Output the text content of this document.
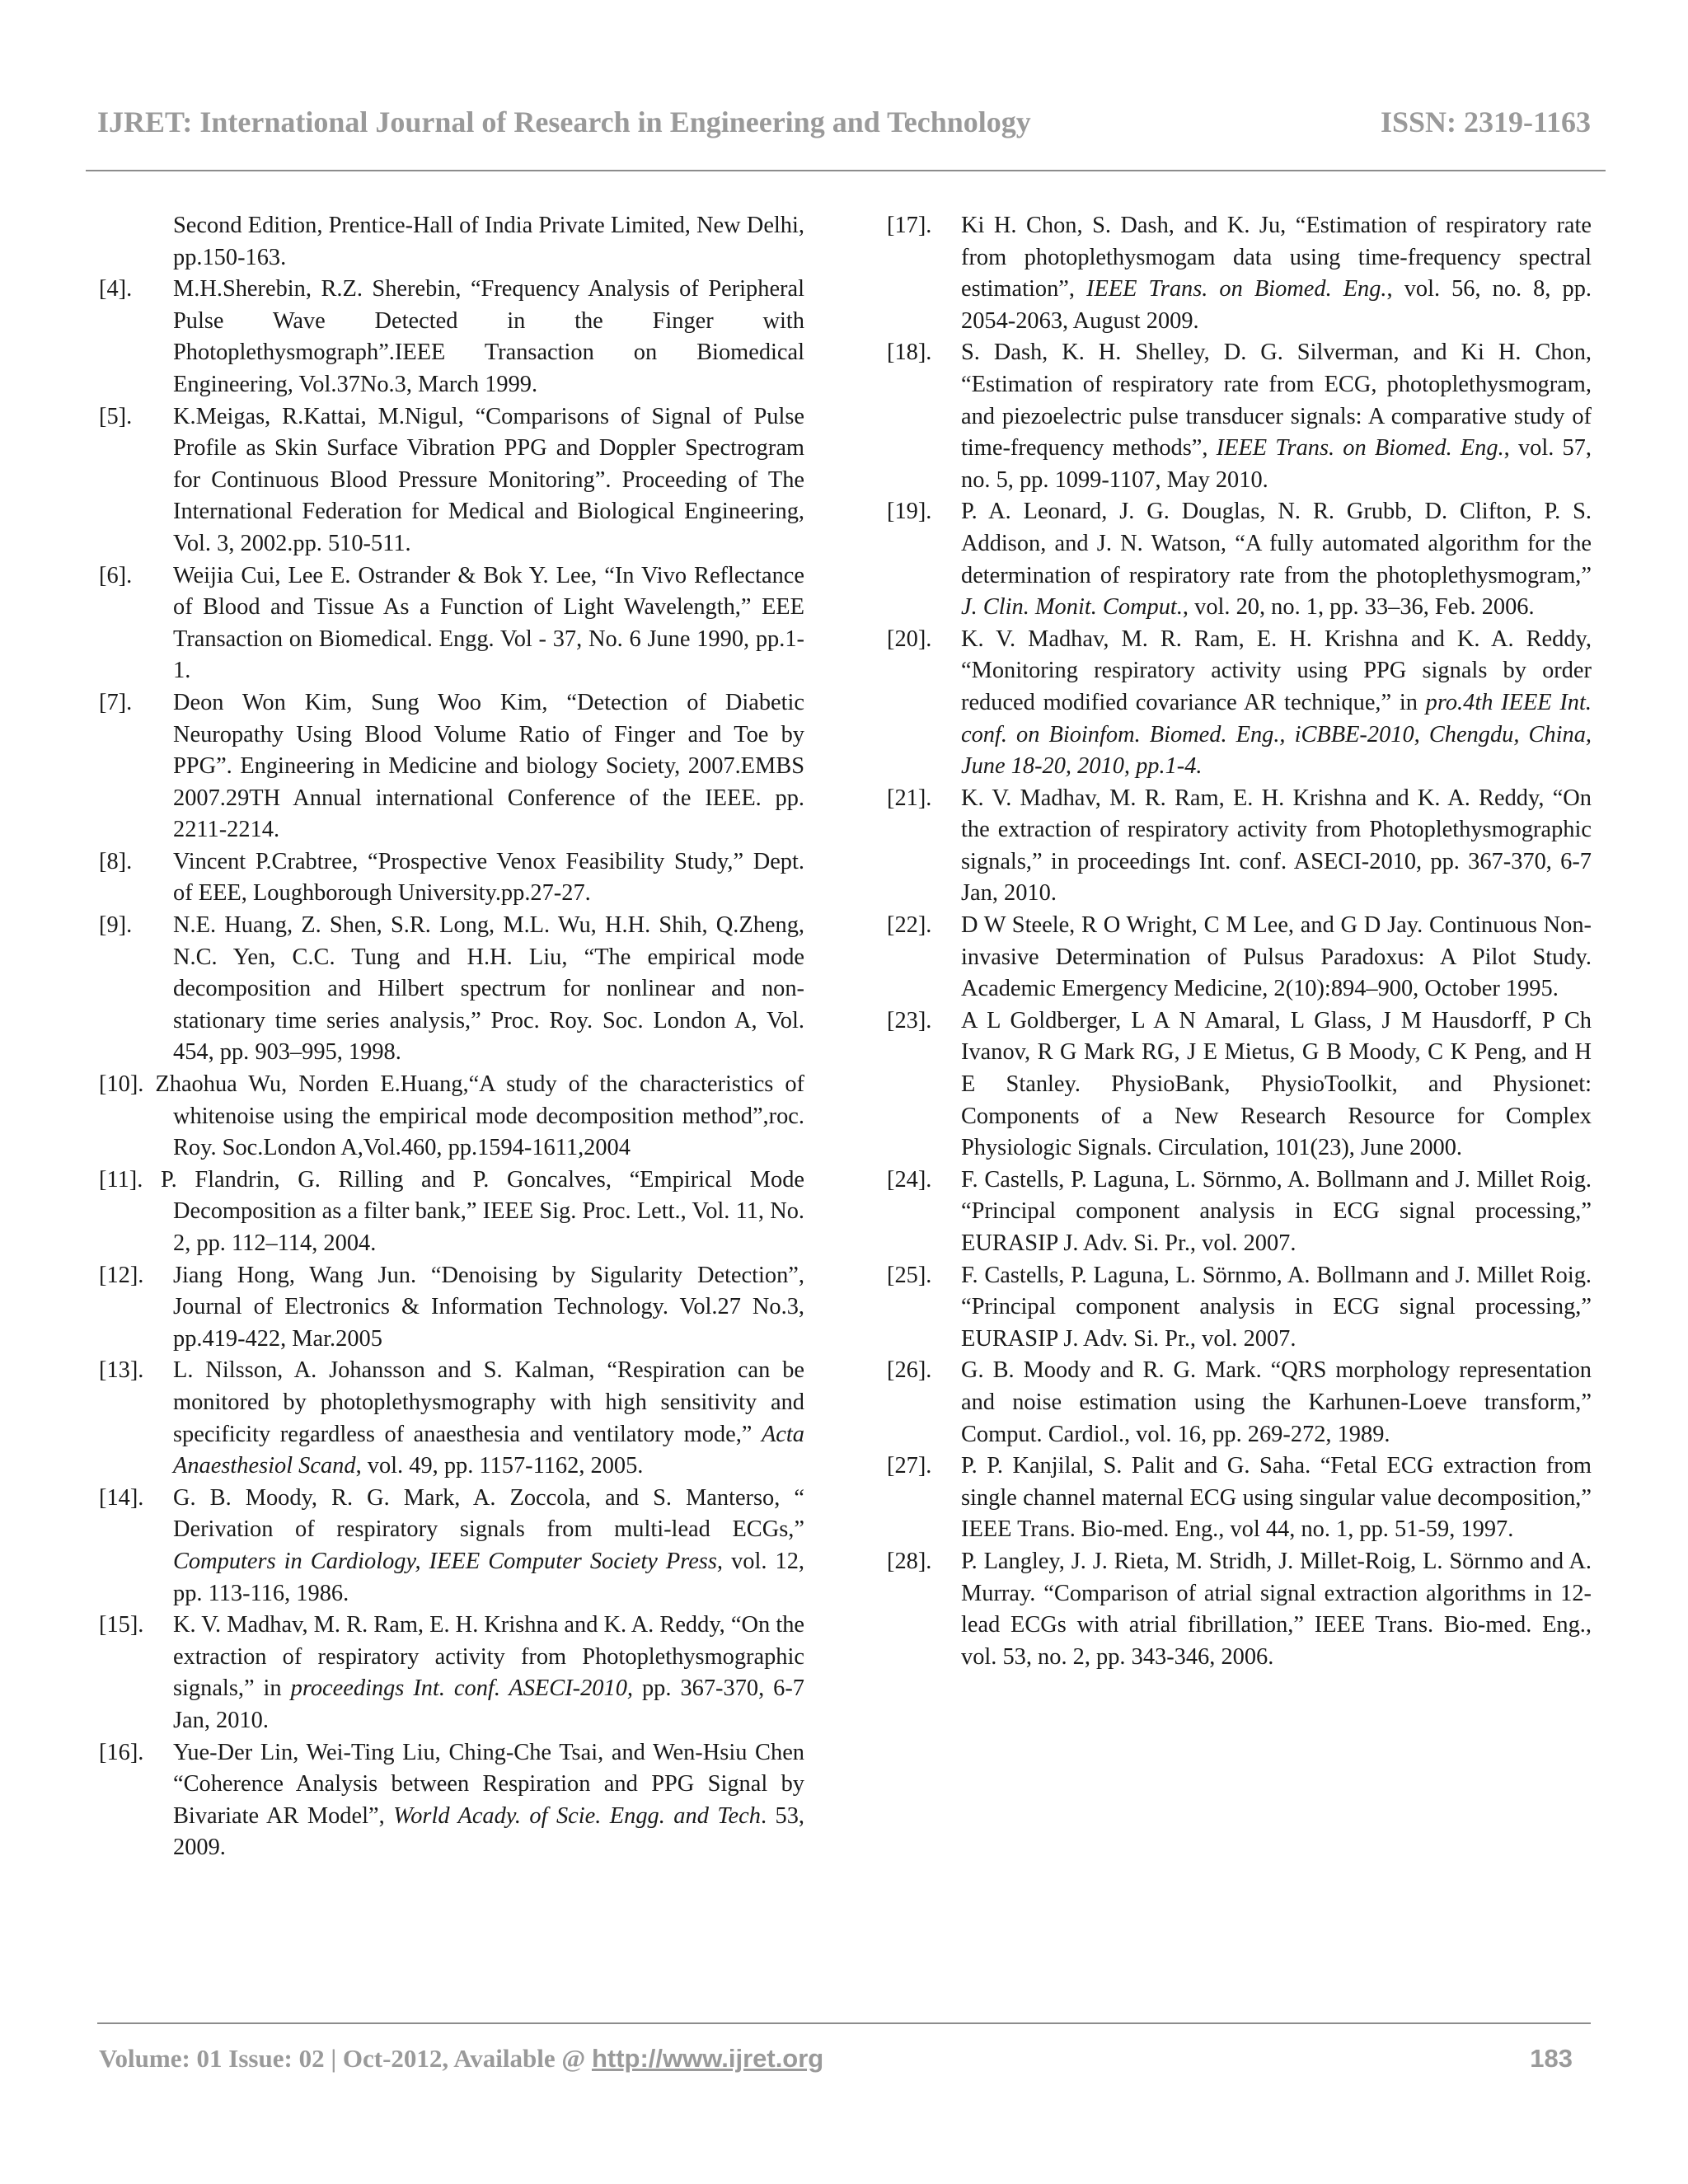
IJRET: International Journal of Research in Engineering and Technology	ISSN: 2319-1163

Second Edition, Prentice-Hall of India Private Limited, New Delhi, pp.150-163.

[4]. M.H.Sherebin, R.Z. Sherebin, “Frequency Analysis of Peripheral Pulse Wave Detected in the Finger with Photoplethysmograph”.IEEE Transaction on Biomedical Engineering, Vol.37No.3, March 1999.

[5]. K.Meigas, R.Kattai, M.Nigul, “Comparisons of Signal of Pulse Profile as Skin Surface Vibration PPG and Doppler Spectrogram for Continuous Blood Pressure Monitoring”. Proceeding of The International Federation for Medical and Biological Engineering, Vol. 3, 2002.pp. 510-511.

[6]. Weijia Cui, Lee E. Ostrander & Bok Y. Lee, “In Vivo Reflectance of Blood and Tissue As a Function of Light Wavelength,” EEE Transaction on Biomedical. Engg. Vol - 37, No. 6 June 1990, pp.1-1.

[7]. Deon Won Kim, Sung Woo Kim, “Detection of Diabetic Neuropathy Using Blood Volume Ratio of Finger and Toe by PPG”. Engineering in Medicine and biology Society, 2007.EMBS 2007.29TH Annual international Conference of the IEEE. pp. 2211-2214.

[8]. Vincent P.Crabtree, “Prospective Venox Feasibility Study,” Dept. of EEE, Loughborough University.pp.27-27.

[9]. N.E. Huang, Z. Shen, S.R. Long, M.L. Wu, H.H. Shih, Q.Zheng, N.C. Yen, C.C. Tung and H.H. Liu, “The empirical mode decomposition and Hilbert spectrum for nonlinear and non-stationary time series analysis,” Proc. Roy. Soc. London A, Vol. 454, pp. 903–995, 1998.

[10]. Zhaohua Wu, Norden E.Huang,“A study of the characteristics of whitenoise using the empirical mode decomposition method”,roc. Roy. Soc.London A,Vol.460, pp.1594-1611,2004

[11]. P. Flandrin, G. Rilling and P. Goncalves, “Empirical Mode Decomposition as a filter bank,” IEEE Sig. Proc. Lett., Vol. 11, No. 2, pp. 112–114, 2004.

[12]. Jiang Hong, Wang Jun. “Denoising by Sigularity Detection”, Journal of Electronics & Information Technology. Vol.27 No.3, pp.419-422, Mar.2005

[13]. L. Nilsson, A. Johansson and S. Kalman, “Respiration can be monitored by photoplethysmography with high sensitivity and specificity regardless of anaesthesia and ventilatory mode,” Acta Anaesthesiol Scand, vol. 49, pp. 1157-1162, 2005.

[14]. G. B. Moody, R. G. Mark, A. Zoccola, and S. Manterso, “ Derivation of respiratory signals from multi-lead ECGs,” Computers in Cardiology, IEEE Computer Society Press, vol. 12, pp. 113-116, 1986.

[15]. K. V. Madhav, M. R. Ram, E. H. Krishna and K. A. Reddy, “On the extraction of respiratory activity from Photoplethysmographic signals,” in proceedings Int. conf. ASECI-2010, pp. 367-370, 6-7 Jan, 2010.

[16]. Yue-Der Lin, Wei-Ting Liu, Ching-Che Tsai, and Wen-Hsiu Chen “Coherence Analysis between Respiration and PPG Signal by Bivariate AR Model”, World Acady. of Scie. Engg. and Tech. 53, 2009.

[17]. Ki H. Chon, S. Dash, and K. Ju, “Estimation of respiratory rate from photoplethysmogam data using time-frequency spectral estimation”, IEEE Trans. on Biomed. Eng., vol. 56, no. 8, pp. 2054-2063, August 2009.

[18]. S. Dash, K. H. Shelley, D. G. Silverman, and Ki H. Chon, “Estimation of respiratory rate from ECG, photoplethysmogram, and piezoelectric pulse transducer signals: A comparative study of time-frequency methods”, IEEE Trans. on Biomed. Eng., vol. 57, no. 5, pp. 1099-1107, May 2010.

[19]. P. A. Leonard, J. G. Douglas, N. R. Grubb, D. Clifton, P. S. Addison, and J. N. Watson, “A fully automated algorithm for the determination of respiratory rate from the photoplethysmogram,” J. Clin. Monit. Comput., vol. 20, no. 1, pp. 33–36, Feb. 2006.

[20]. K. V. Madhav, M. R. Ram, E. H. Krishna and K. A. Reddy, “Monitoring respiratory activity using PPG signals by order reduced modified covariance AR technique,” in pro.4th IEEE Int. conf. on Bioinfom. Biomed. Eng., iCBBE-2010, Chengdu, China, June 18-20, 2010, pp.1-4.

[21]. K. V. Madhav, M. R. Ram, E. H. Krishna and K. A. Reddy, “On the extraction of respiratory activity from Photoplethysmographic signals,” in proceedings Int. conf. ASECI-2010, pp. 367-370, 6-7 Jan, 2010.

[22]. D W Steele, R O Wright, C M Lee, and G D Jay. Continuous Non-invasive Determination of Pulsus Paradoxus: A Pilot Study. Academic Emergency Medicine, 2(10):894–900, October 1995.

[23]. A L Goldberger, L A N Amaral, L Glass, J M Hausdorff, P Ch Ivanov, R G Mark RG, J E Mietus, G B Moody, C K Peng, and H E Stanley. PhysioBank, PhysioToolkit, and Physionet: Components of a New Research Resource for Complex Physiologic Signals. Circulation, 101(23), June 2000.

[24]. F. Castells, P. Laguna, L. Sörnmo, A. Bollmann and J. Millet Roig. “Principal component analysis in ECG signal processing,” EURASIP J. Adv. Si. Pr., vol. 2007.

[25]. F. Castells, P. Laguna, L. Sörnmo, A. Bollmann and J. Millet Roig. “Principal component analysis in ECG signal processing,” EURASIP J. Adv. Si. Pr., vol. 2007.

[26]. G. B. Moody and R. G. Mark. “QRS morphology representation and noise estimation using the Karhunen-Loeve transform,” Comput. Cardiol., vol. 16, pp. 269-272, 1989.

[27]. P. P. Kanjilal, S. Palit and G. Saha. “Fetal ECG extraction from single channel maternal ECG using singular value decomposition,” IEEE Trans. Bio-med. Eng., vol 44, no. 1, pp. 51-59, 1997.

[28]. P. Langley, J. J. Rieta, M. Stridh, J. Millet-Roig, L. Sörnmo and A. Murray. “Comparison of atrial signal extraction algorithms in 12-lead ECGs with atrial fibrillation,” IEEE Trans. Bio-med. Eng., vol. 53, no. 2, pp. 343-346, 2006.

Volume: 01 Issue: 02 | Oct-2012, Available @ http://www.ijret.org	183
